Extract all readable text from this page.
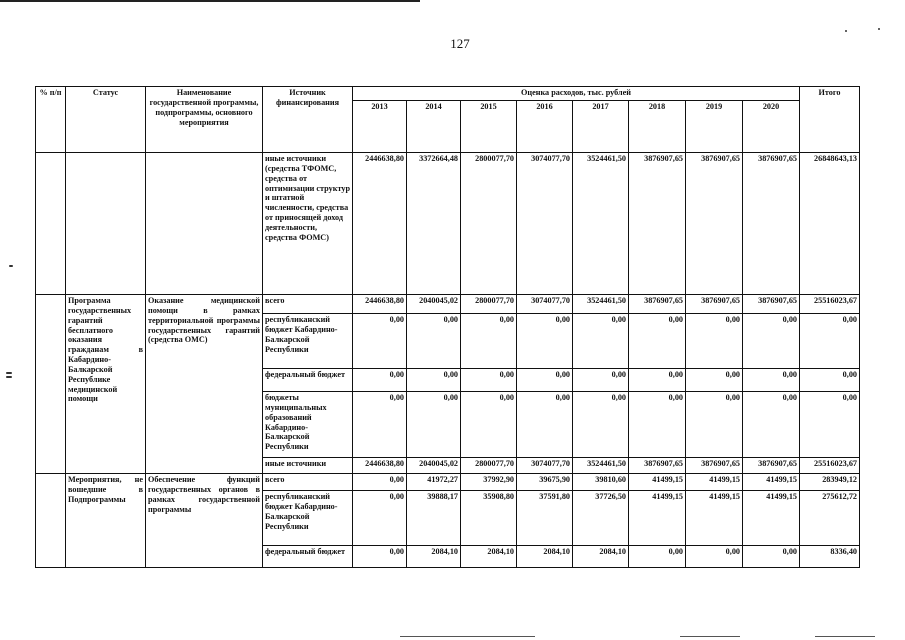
127
% п/п	Статус	Наименование государственной программы, подпрограммы, основного мероприятия	Источник финансирования	Оценка расходов, тыс. рублей								Итого
				2013	2014	2015	2016	2017	2018	2019	2020	
			иные источники (средства ТФОМС, средства от оптимизации структур и штатной численности, средства от приносящей доход деятельности, средства ФОМС)	2446638,80	3372664,48	2800077,70	3074077,70	3524461,50	3876907,65	3876907,65	3876907,65	26848643,13
	Программа государственных гарантий бесплатного оказания гражданам в Кабардино-Балкарской Республике медицинской помощи	Оказание медицинской помощи в рамках территориальной программы государственных гарантий (средства ОМС)	всего	2446638,80	2040045,02	2800077,70	3074077,70	3524461,50	3876907,65	3876907,65	3876907,65	25516023,67
			республиканский бюджет Кабардино-Балкарской Республики	0,00	0,00	0,00	0,00	0,00	0,00	0,00	0,00	0,00
			федеральный бюджет	0,00	0,00	0,00	0,00	0,00	0,00	0,00	0,00	0,00
			бюджеты муниципальных образований Кабардино-Балкарской Республики	0,00	0,00	0,00	0,00	0,00	0,00	0,00	0,00	0,00
			иные источники	2446638,80	2040045,02	2800077,70	3074077,70	3524461,50	3876907,65	3876907,65	3876907,65	25516023,67
	Мероприятия, не вошедшие в Подпрограммы	Обеспечение функций государственных органов в рамках государственной программы	всего	0,00	41972,27	37992,90	39675,90	39810,60	41499,15	41499,15	41499,15	283949,12
			республиканский бюджет Кабардино-Балкарской Республики	0,00	39888,17	35908,80	37591,80	37726,50	41499,15	41499,15	41499,15	275612,72
			федеральный бюджет	0,00	2084,10	2084,10	2084,10	2084,10	0,00	0,00	0,00	8336,40
